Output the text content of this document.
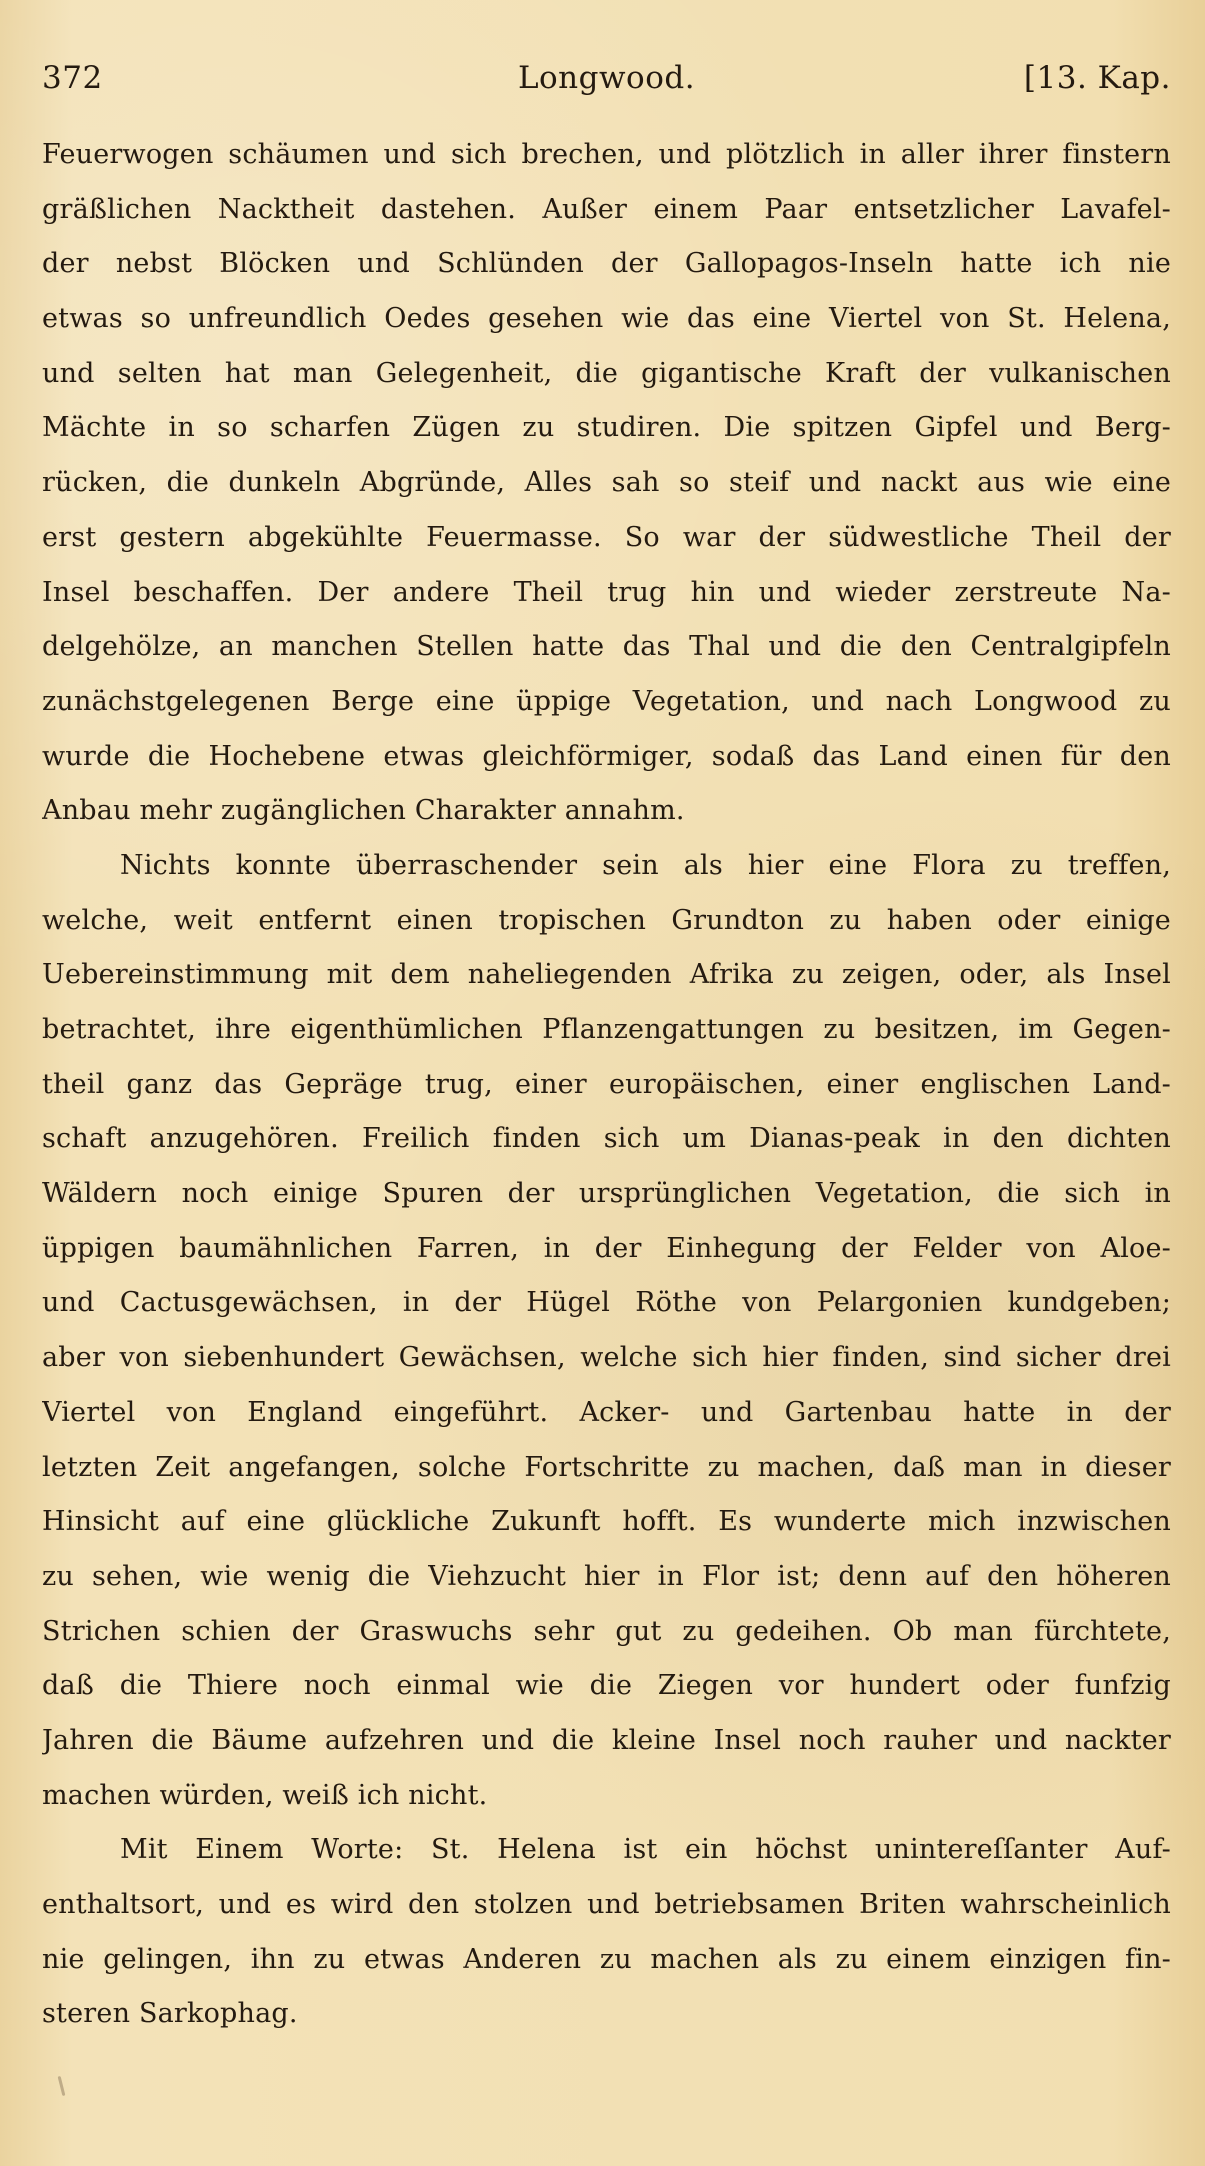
372	Longwood.	[13. Kap.
Feuerwogen schäumen und sich brechen, und plötzlich in aller ihrer finstern
gräßlichen Nacktheit dastehen. Außer einem Paar entsetzlicher Lavafel-
der nebst Blöcken und Schlünden der Gallopagos-Inseln hatte ich nie
etwas so unfreundlich Oedes gesehen wie das eine Viertel von St. Helena,
und selten hat man Gelegenheit, die gigantische Kraft der vulkanischen
Mächte in so scharfen Zügen zu studiren. Die spitzen Gipfel und Berg-
rücken, die dunkeln Abgründe, Alles sah so steif und nackt aus wie eine
erst gestern abgekühlte Feuermasse. So war der südwestliche Theil der
Insel beschaffen. Der andere Theil trug hin und wieder zerstreute Na-
delgehölze, an manchen Stellen hatte das Thal und die den Centralgipfeln
zunächstgelegenen Berge eine üppige Vegetation, und nach Longwood zu
wurde die Hochebene etwas gleichförmiger, sodaß das Land einen für den
Anbau mehr zugänglichen Charakter annahm.
Nichts konnte überraschender sein als hier eine Flora zu treffen,
welche, weit entfernt einen tropischen Grundton zu haben oder einige
Uebereinstimmung mit dem naheliegenden Afrika zu zeigen, oder, als Insel
betrachtet, ihre eigenthümlichen Pflanzengattungen zu besitzen, im Gegen-
theil ganz das Gepräge trug, einer europäischen, einer englischen Land-
schaft anzugehören. Freilich finden sich um Dianas-peak in den dichten
Wäldern noch einige Spuren der ursprünglichen Vegetation, die sich in
üppigen baumähnlichen Farren, in der Einhegung der Felder von Aloe-
und Cactusgewächsen, in der Hügel Röthe von Pelargonien kundgeben;
aber von siebenhundert Gewächsen, welche sich hier finden, sind sicher drei
Viertel von England eingeführt. Acker- und Gartenbau hatte in der
letzten Zeit angefangen, solche Fortschritte zu machen, daß man in dieser
Hinsicht auf eine glückliche Zukunft hofft. Es wunderte mich inzwischen
zu sehen, wie wenig die Viehzucht hier in Flor ist; denn auf den höheren
Strichen schien der Graswuchs sehr gut zu gedeihen. Ob man fürchtete,
daß die Thiere noch einmal wie die Ziegen vor hundert oder funfzig
Jahren die Bäume aufzehren und die kleine Insel noch rauher und nackter
machen würden, weiß ich nicht.
Mit Einem Worte: St. Helena ist ein höchst unintereſſanter Auf-
enthaltsort, und es wird den stolzen und betriebsamen Briten wahrscheinlich
nie gelingen, ihn zu etwas Anderen zu machen als zu einem einzigen fin-
steren Sarkophag.
